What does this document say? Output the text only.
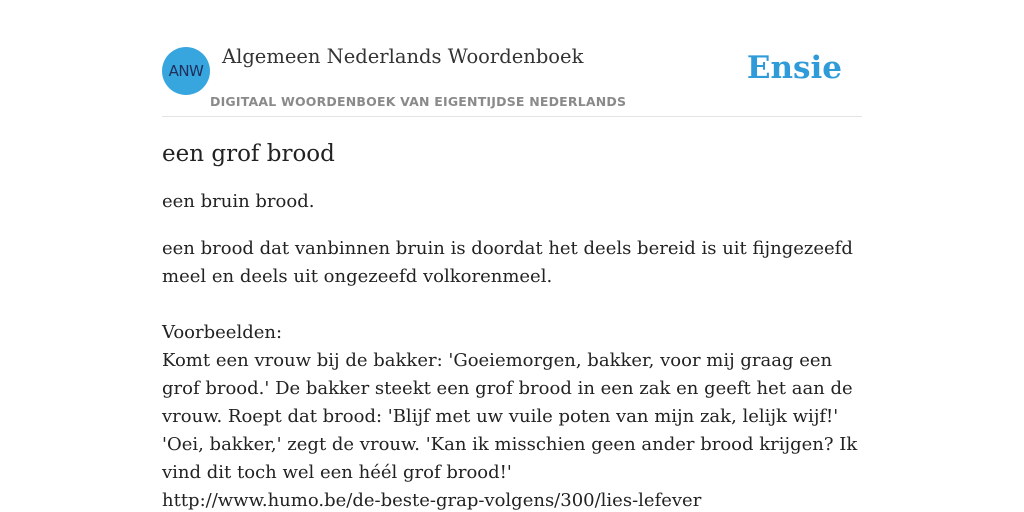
ANW
Algemeen Nederlands Woordenboek
DIGITAAL WOORDENBOEK VAN EIGENTIJDSE NEDERLANDS
Ensie
een grof brood

een bruin brood.

een brood dat vanbinnen bruin is doordat het deels bereid is uit fijngezeefd meel en deels uit ongezeefd volkorenmeel.

Voorbeelden:

Komt een vrouw bij de bakker: 'Goeiemorgen, bakker, voor mij graag een grof brood.' De bakker steekt een grof brood in een zak en geeft het aan de vrouw. Roept dat brood: 'Blijf met uw vuile poten van mijn zak, lelijk wijf!' 'Oei, bakker,' zegt de vrouw. 'Kan ik misschien geen ander brood krijgen? Ik vind dit toch wel een héél grof brood!'

http://www.humo.be/de-beste-grap-volgens/300/lies-lefever
